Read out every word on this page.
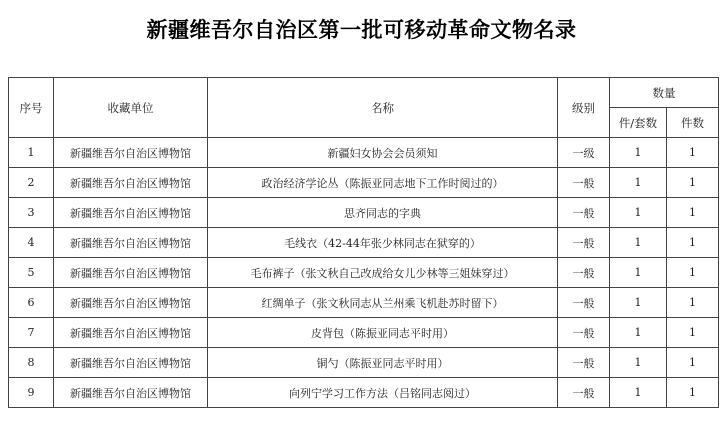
新疆维吾尔自治区第一批可移动革命文物名录
序号	收藏单位	名称	级别	数量	
				件/套数	件数
1	新疆维吾尔自治区博物馆	新疆妇女协会会员须知	一级	1	1
2	新疆维吾尔自治区博物馆	政治经济学论丛（陈振亚同志地下工作时阅过的）	一般	1	1
3	新疆维吾尔自治区博物馆	思齐同志的字典	一般	1	1
4	新疆维吾尔自治区博物馆	毛线衣（42-44年张少林同志在狱穿的）	一般	1	1
5	新疆维吾尔自治区博物馆	毛布裤子（张文秋自己改成给女儿少林等三姐妹穿过）	一般	1	1
6	新疆维吾尔自治区博物馆	红绸单子（张文秋同志从兰州乘飞机赴苏时留下）	一般	1	1
7	新疆维吾尔自治区博物馆	皮背包（陈振亚同志平时用）	一般	1	1
8	新疆维吾尔自治区博物馆	铜勺（陈振亚同志平时用）	一般	1	1
9	新疆维吾尔自治区博物馆	向列宁学习工作方法（吕铭同志阅过）	一般	1	1
